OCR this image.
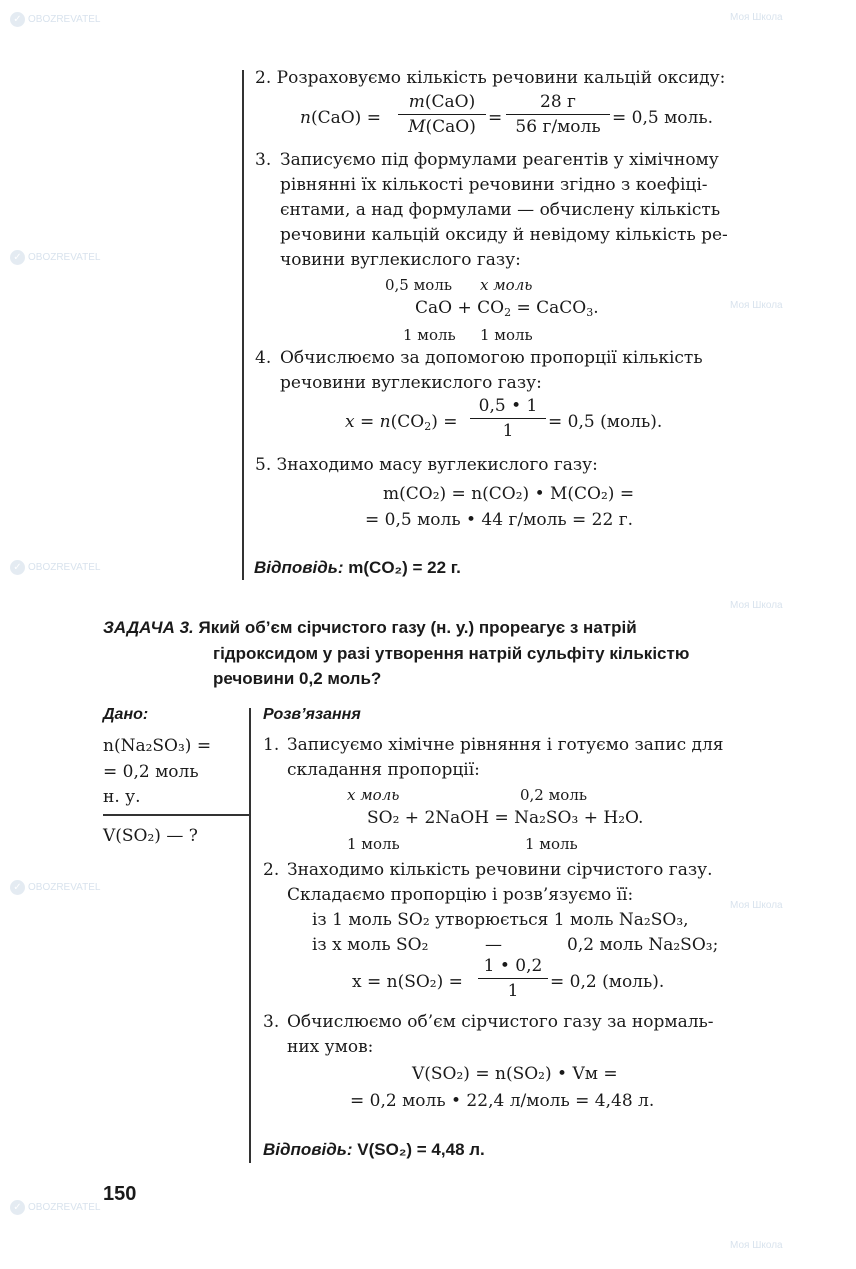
✓ OBOZREVATEL	Моя Школа
✓ OBOZREVATEL
Моя Школа
✓ OBOZREVATEL
Моя Школа
✓ OBOZREVATEL
Моя Школа
✓ OBOZREVATEL
Моя Школа
2. Розраховуємо кількість речовини кальцій оксиду:
n(CaO) =
m(CaO)
M(CaO) =
28 г
56 г/моль = 0,5 моль.
3. Записуємо під формулами реагентів у хімічному
рівнянні їх кількості речовини згідно з коефіці-
єнтами, а над формулами — обчислену кількість
речовини кальцій оксиду й невідому кількість ре-
човини вуглекислого газу:
0,5 моль x моль
CaO + $CO_2$ = CaCO$_3$.
1 моль 1 моль
4. Обчислюємо за допомогою пропорції кількість
речовини вуглекислого газу:
$x = n(CO_2)$ =
0,5 • 1
1 = 0,5 (моль).
5. Знаходимо масу вуглекислого газу:
m(CO₂) = n(CO₂) • M(CO₂) =
= 0,5 моль • 44 г/моль = 22 г.
Відповідь: m(CO₂) = 22 г.
ЗАДАЧА 3. Який об’єм сірчистого газу (н. у.) прореагує з натрій
гідроксидом у разі утворення натрій сульфіту кількістю
речовини 0,2 моль?
Дано:
n(Na₂SO₃) =
= 0,2 моль
н. у.
V(SO₂) — ?
Розв’язання
1. Записуємо хімічне рівняння і готуємо запис для
складання пропорції:
x моль	0,2 моль
SO₂ + 2NaOH = Na₂SO₃ + H₂O.
1 моль	1 моль
2. Знаходимо кількість речовини сірчистого газу.
Складаємо пропорцію і розв’язуємо її:
із 1 моль SO₂ утворюється 1 моль Na₂SO₃,
із x моль SO₂	—	0,2 моль Na₂SO₃;
x = n(SO₂) =
1 • 0,2
1 = 0,2 (моль).
3. Обчислюємо об’єм сірчистого газу за нормаль-
них умов:
V(SO₂) = n(SO₂) • Vм =
= 0,2 моль • 22,4 л/моль = 4,48 л.
Відповідь: V(SO₂) = 4,48 л.
150
